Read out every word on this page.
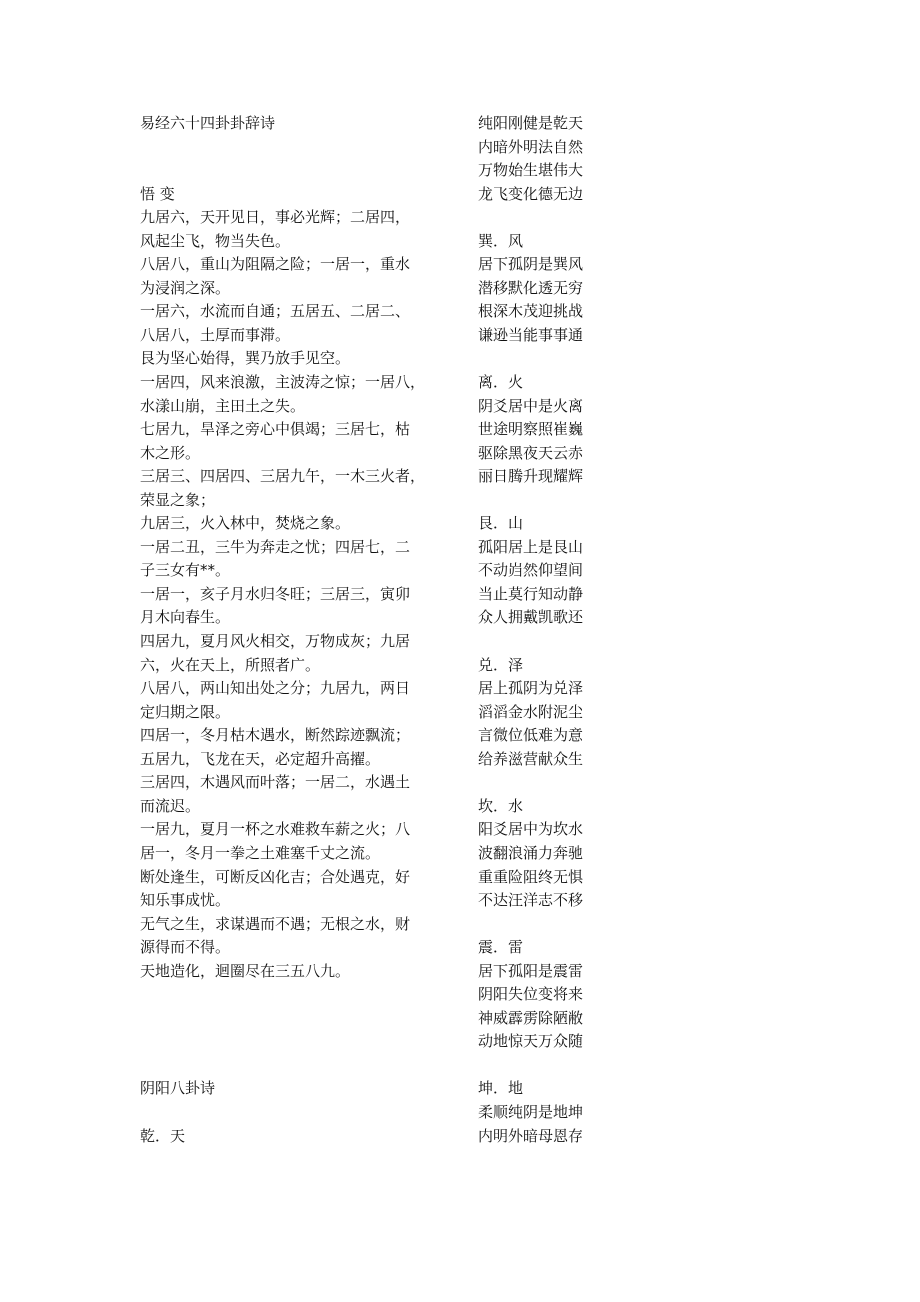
易经六十四卦卦辞诗
悟 变
九居六，天开见日，事必光辉；二居四，
风起尘飞，物当失色。
八居八，重山为阻隔之险；一居一，重水
为浸润之深。
一居六，水流而自通；五居五、二居二、
八居八，土厚而事滞。
艮为坚心始得，巽乃放手见空。
一居四，风来浪激，主波涛之惊；一居八，
水漾山崩，主田土之失。
七居九，旱泽之旁心中俱竭；三居七，枯
木之形。
三居三、四居四、三居九午，一木三火者，
荣显之象；
九居三，火入林中，焚烧之象。
一居二丑，三牛为奔走之忧；四居七，二
子三女有**。
一居一，亥子月水归冬旺；三居三，寅卯
月木向春生。
四居九，夏月风火相交，万物成灰；九居
六，火在天上，所照者广。
八居八，两山知出处之分；九居九，两日
定归期之限。
四居一，冬月枯木遇水，断然踪迹飘流；
五居九，飞龙在天，必定超升高擢。
三居四，木遇风而叶落；一居二，水遇土
而流迟。
一居九，夏月一杯之水难救车薪之火；八
居一，冬月一拳之土难塞千丈之流。
断处逢生，可断反凶化吉；合处遇克，好
知乐事成忧。
无气之生，求谋遇而不遇；无根之水，财
源得而不得。
天地造化，迴圈尽在三五八九。
阴阳八卦诗
乾．天
纯阳刚健是乾天
内暗外明法自然
万物始生堪伟大
龙飞变化德无边
巽．风
居下孤阴是巽风
潜移默化透无穷
根深木茂迎挑战
谦逊当能事事通
离．火
阴爻居中是火离
世途明察照崔巍
驱除黑夜天云赤
丽日腾升现耀辉
艮．山
孤阳居上是艮山
不动岿然仰望间
当止莫行知动静
众人拥戴凯歌还
兑．泽
居上孤阴为兑泽
滔滔金水附泥尘
言微位低难为意
给养滋营献众生
坎．水
阳爻居中为坎水
波翻浪涌力奔驰
重重险阻终无惧
不达汪洋志不移
震．雷
居下孤阳是震雷
阴阳失位变将来
神威霹雳除陋敝
动地惊天万众随
坤．地
柔顺纯阴是地坤
内明外暗母恩存
